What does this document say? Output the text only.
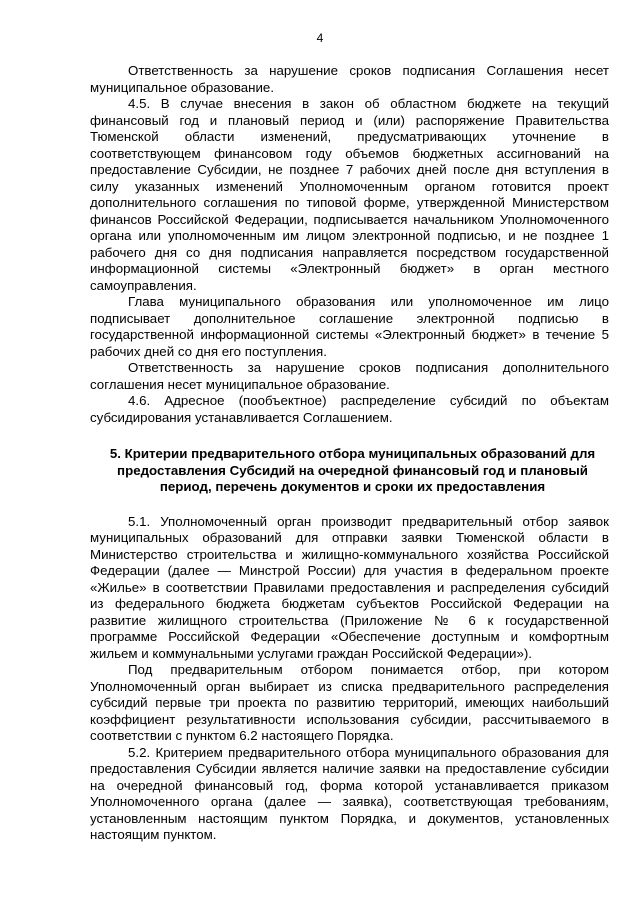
4

Ответственность за нарушение сроков подписания Соглашения несет муниципальное образование.

4.5. В случае внесения в закон об областном бюджете на текущий финансовый год и плановый период и (или) распоряжение Правительства Тюменской области изменений, предусматривающих уточнение в соответствующем финансовом году объемов бюджетных ассигнований на предоставление Субсидии, не позднее 7 рабочих дней после дня вступления в силу указанных изменений Уполномоченным органом готовится проект дополнительного соглашения по типовой форме, утвержденной Министерством финансов Российской Федерации, подписывается начальником Уполномоченного органа или уполномоченным им лицом электронной подписью, и не позднее 1 рабочего дня со дня подписания направляется посредством государственной информационной системы «Электронный бюджет» в орган местного самоуправления.

Глава муниципального образования или уполномоченное им лицо подписывает дополнительное соглашение электронной подписью в государственной информационной системы «Электронный бюджет» в течение 5 рабочих дней со дня его поступления.

Ответственность за нарушение сроков подписания дополнительного соглашения несет муниципальное образование.

4.6. Адресное (пообъектное) распределение субсидий по объектам субсидирования устанавливается Соглашением.

5. Критерии предварительного отбора муниципальных образований для предоставления Субсидий на очередной финансовый год и плановый период, перечень документов и сроки их предоставления

5.1. Уполномоченный орган производит предварительный отбор заявок муниципальных образований для отправки заявки Тюменской области в Министерство строительства и жилищно-коммунального хозяйства Российской Федерации (далее — Минстрой России) для участия в федеральном проекте «Жилье» в соответствии Правилами предоставления и распределения субсидий из федерального бюджета бюджетам субъектов Российской Федерации на развитие жилищного строительства (Приложение № 6 к государственной программе Российской Федерации «Обеспечение доступным и комфортным жильем и коммунальными услугами граждан Российской Федерации»).

Под предварительным отбором понимается отбор, при котором Уполномоченный орган выбирает из списка предварительного распределения субсидий первые три проекта по развитию территорий, имеющих наибольший коэффициент результативности использования субсидии, рассчитываемого в соответствии с пунктом 6.2 настоящего Порядка.

5.2. Критерием предварительного отбора муниципального образования для предоставления Субсидии является наличие заявки на предоставление субсидии на очередной финансовый год, форма которой устанавливается приказом Уполномоченного органа (далее — заявка), соответствующая требованиям, установленным настоящим пунктом Порядка, и документов, установленных настоящим пунктом.
